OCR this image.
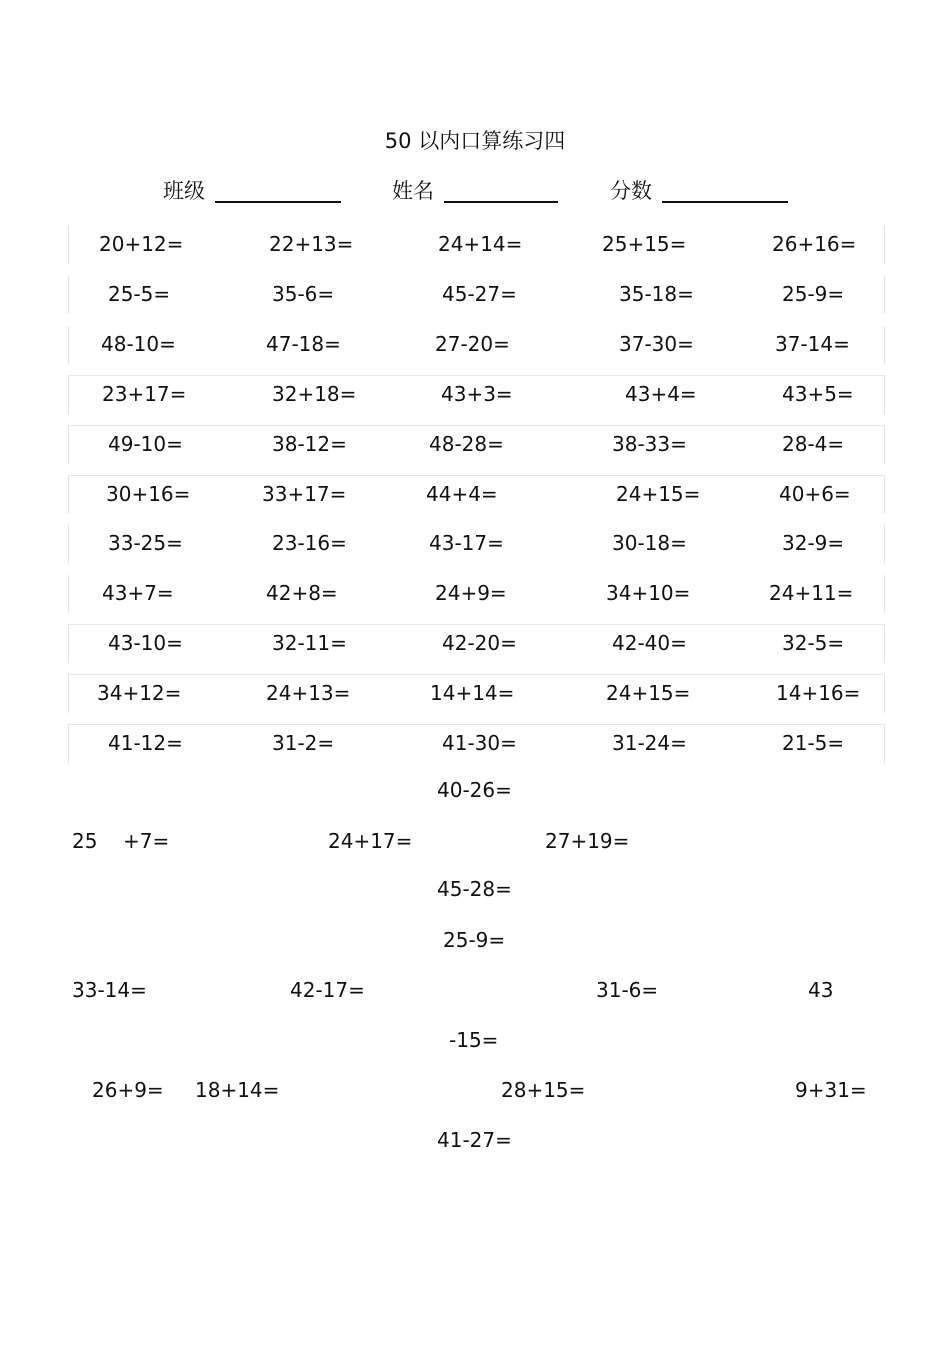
50 以内口算练习四
班级	姓名	分数
20+12=	22+13=	24+14=	25+15=	26+16=
25-5=	35-6=	45-27=	35-18=	25-9=
48-10=	47-18=	27-20=	37-30=	37-14=
23+17=	32+18=	43+3=	43+4=	43+5=
49-10=	38-12=	48-28=	38-33=	28-4=
30+16=	33+17=	44+4=	24+15=	40+6=
33-25=	23-16=	43-17=	30-18=	32-9=
43+7=	42+8=	24+9=	34+10=	24+11=
43-10=	32-11=	42-20=	42-40=	32-5=
34+12=	24+13=	14+14=	24+15=	14+16=
41-12=	31-2=	41-30=	31-24=	21-5=
40-26=
25 +7=	24+17=	27+19=
45-28=
25-9=
33-14=	42-17=	31-6=	43
-15=
26+9= 18+14=	28+15=	9+31=
41-27=
